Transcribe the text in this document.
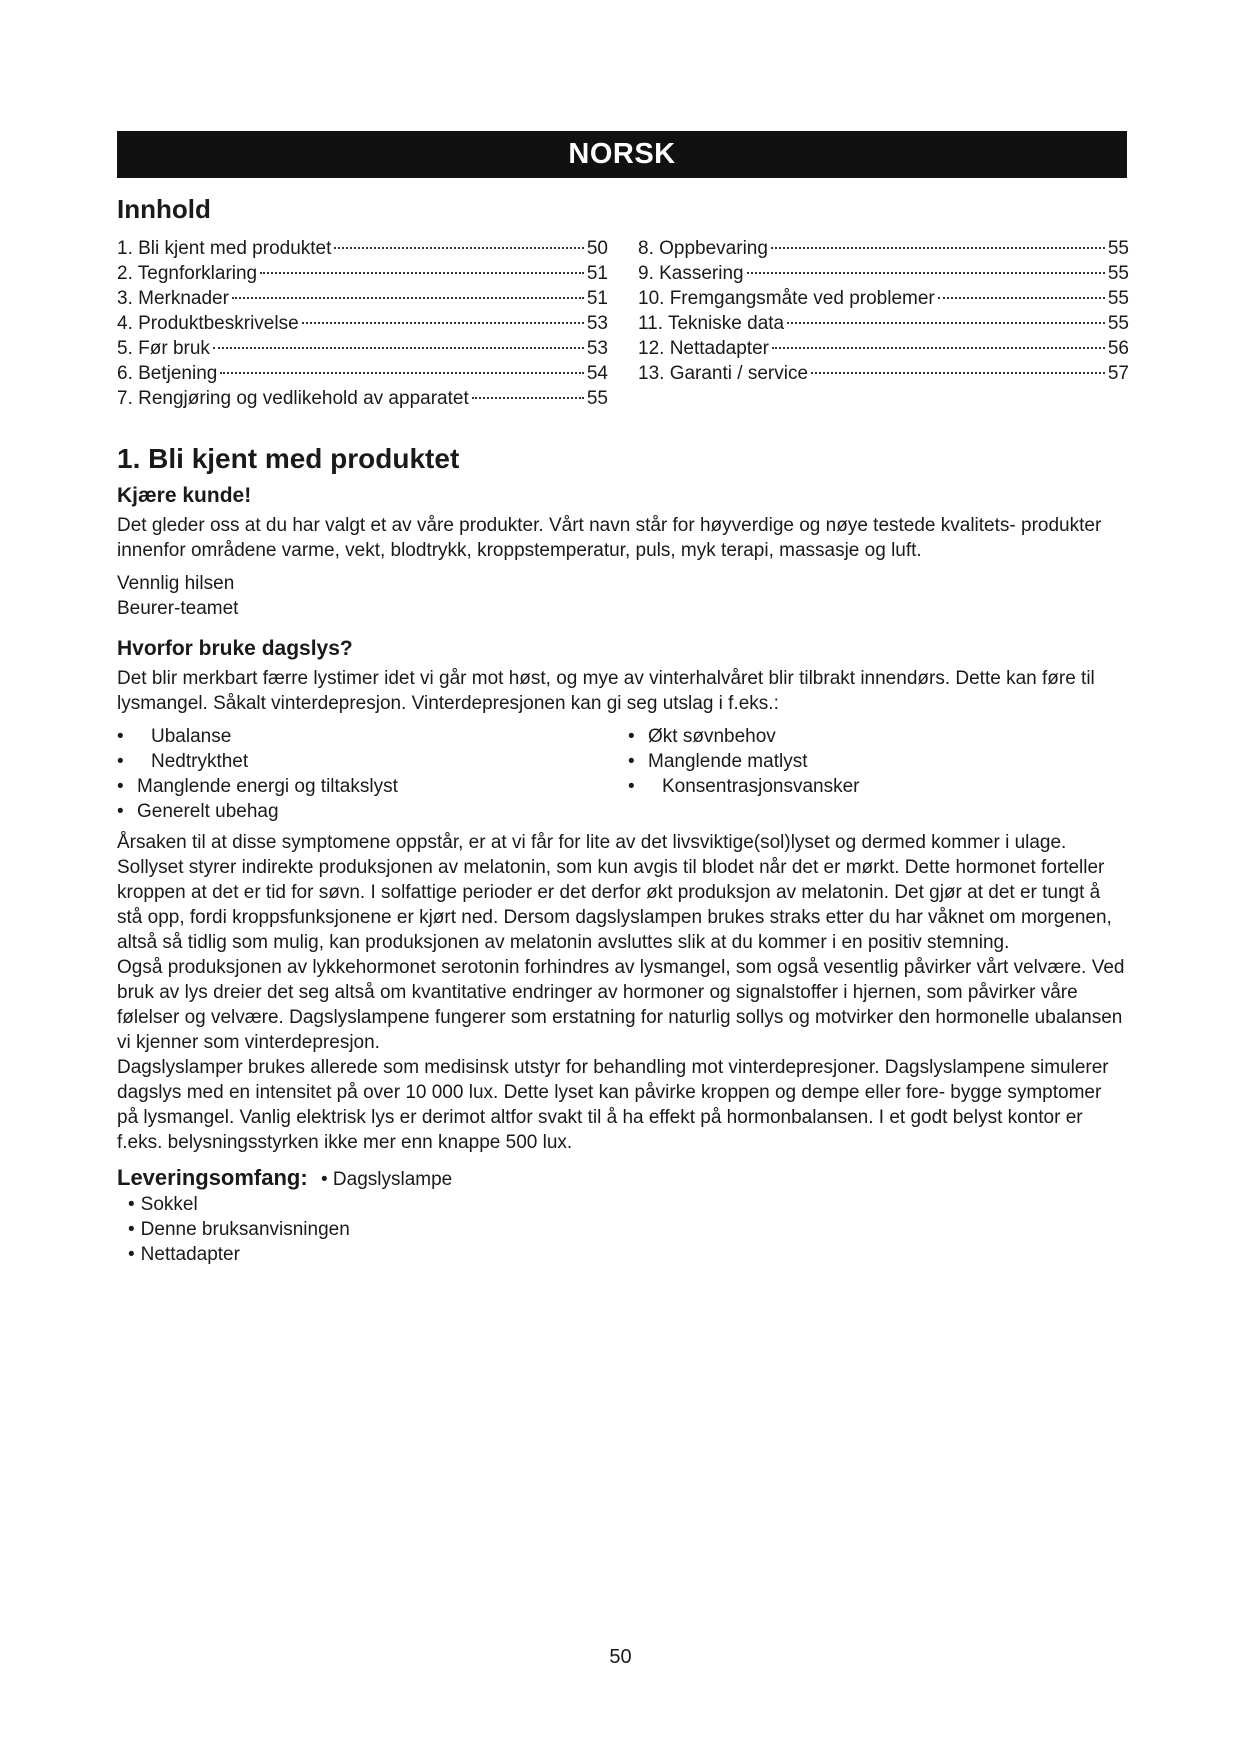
NORSK
Innhold
1. Bli kjent med produktet	50
2. Tegnforklaring	51
3. Merknader	51
4. Produktbeskrivelse	53
5. Før bruk	53
6. Betjening	54
7. Rengjøring og vedlikehold av apparatet	55
8. Oppbevaring	55
9. Kassering	55
10. Fremgangsmåte ved problemer	55
11. Tekniske data	55
12. Nettadapter	56
13. Garanti / service	57
1. Bli kjent med produktet
Kjære kunde!

Det gleder oss at du har valgt et av våre produkter. Vårt navn står for høyverdige og nøye testede kvalitets- produkter innenfor områdene varme, vekt, blodtrykk, kroppstemperatur, puls, myk terapi, massasje og luft.

Vennlig hilsen

Beurer-teamet

Hvorfor bruke dagslys?

Det blir merkbart færre lystimer idet vi går mot høst, og mye av vinterhalvåret blir tilbrakt innendørs. Dette kan føre til lysmangel. Såkalt vinterdepresjon. Vinterdepresjonen kan gi seg utslag i f.eks.:

•	Ubalanse	• Økt søvnbehov
•	Nedtrykthet	• Manglende matlyst
• Manglende energi og tiltakslyst	•	Konsentrasjonsvansker
• Generelt ubehag

Årsaken til at disse symptomene oppstår, er at vi får for lite av det livsviktige(sol)lyset og dermed kommer i ulage. Sollyset styrer indirekte produksjonen av melatonin, som kun avgis til blodet når det er mørkt. Dette hormonet forteller kroppen at det er tid for søvn. I solfattige perioder er det derfor økt produksjon av melatonin. Det gjør at det er tungt å stå opp, fordi kroppsfunksjonene er kjørt ned. Dersom dagslyslampen brukes straks etter du har våknet om morgenen, altså så tidlig som mulig, kan produksjonen av melatonin avsluttes slik at du kommer i en positiv stemning.

Også produksjonen av lykkehormonet serotonin forhindres av lysmangel, som også vesentlig påvirker vårt velvære. Ved bruk av lys dreier det seg altså om kvantitative endringer av hormoner og signalstoffer i hjernen, som påvirker våre følelser og velvære. Dagslyslampene fungerer som erstatning for naturlig sollys og motvirker den hormonelle ubalansen vi kjenner som vinterdepresjon.

Dagslyslamper brukes allerede som medisinsk utstyr for behandling mot vinterdepresjoner. Dagslyslampene simulerer dagslys med en intensitet på over 10 000 lux. Dette lyset kan påvirke kroppen og dempe eller fore- bygge symptomer på lysmangel. Vanlig elektrisk lys er derimot altfor svakt til å ha effekt på hormonbalansen. I et godt belyst kontor er f.eks. belysningsstyrken ikke mer enn knappe 500 lux.

Leveringsomfang: • Dagslyslampe
• Sokkel
• Denne bruksanvisningen
• Nettadapter
50
